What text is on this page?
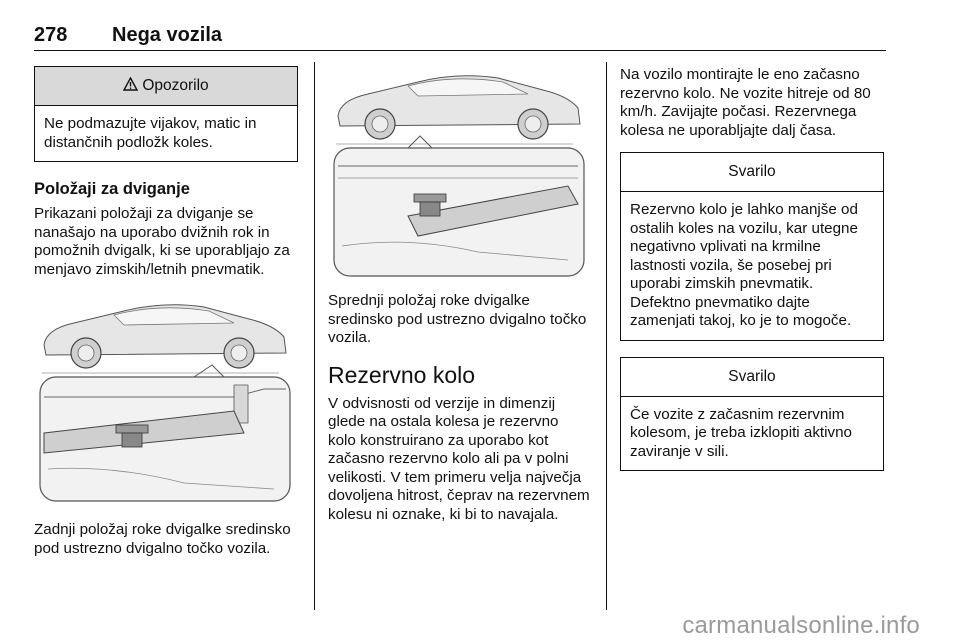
278 Nega vozila
Opozorilo

Ne podmazujte vijakov, matic in distančnih podložk koles.

Položaji za dviganje

Prikazani položaji za dviganje se nanašajo na uporabo dvižnih rok in pomožnih dvigalk, ki se uporabljajo za menjavo zimskih/letnih pnevmatik.

Zadnji položaj roke dvigalke sredinsko pod ustrezno dvigalno točko vozila.

Sprednji položaj roke dvigalke sredinsko pod ustrezno dvigalno točko vozila.

Rezervno kolo

V odvisnosti od verzije in dimenzij glede na ostala kolesa je rezervno kolo konstruirano za uporabo kot začasno rezervno kolo ali pa v polni velikosti. V tem primeru velja največja dovoljena hitrost, čeprav na rezervnem kolesu ni oznake, ki bi to navajala.

Na vozilo montirajte le eno začasno rezervno kolo. Ne vozite hitreje od 80 km/h. Zavijajte počasi. Rezervnega kolesa ne uporabljajte dalj časa.

Svarilo

Rezervno kolo je lahko manjše od ostalih koles na vozilu, kar utegne negativno vplivati na krmilne lastnosti vozila, še posebej pri uporabi zimskih pnevmatik. Defektno pnevmatiko dajte zamenjati takoj, ko je to mogoče.

Svarilo

Če vozite z začasnim rezervnim kolesom, je treba izklopiti aktivno zaviranje v sili.

carmanualsonline.info
